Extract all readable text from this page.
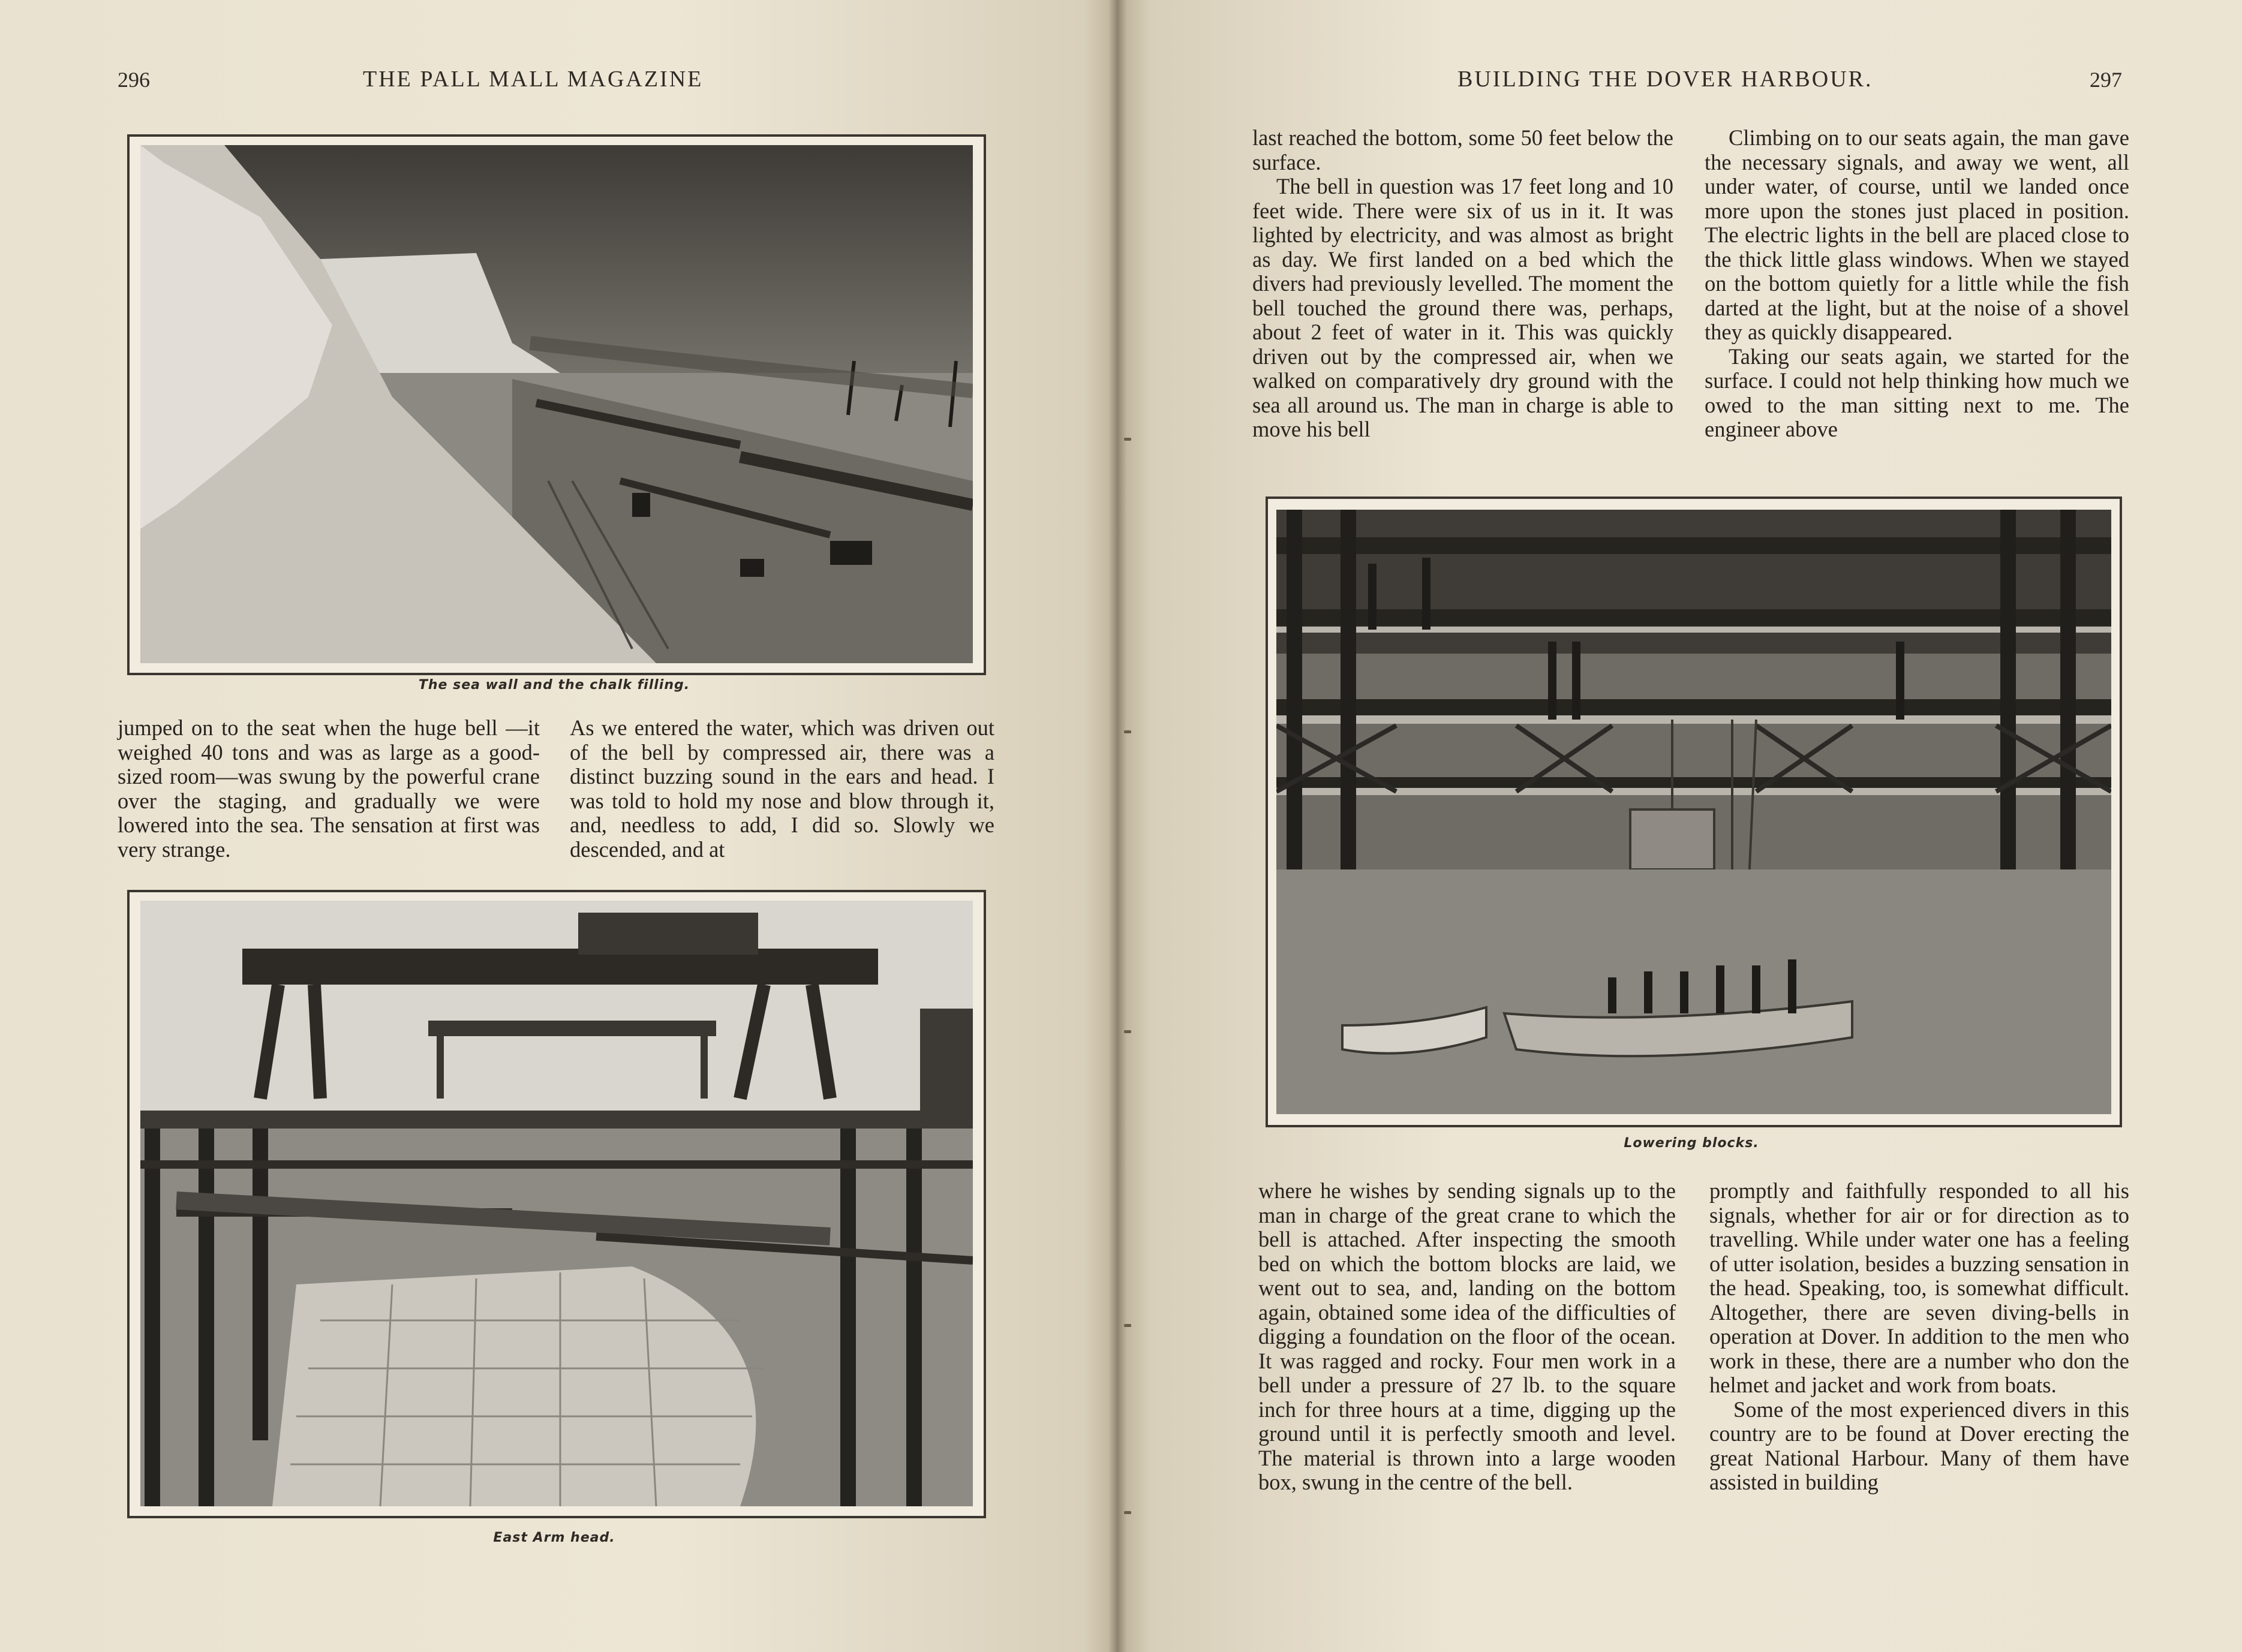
296	THE PALL MALL MAGAZINE
The sea wall and the chalk filling.

jumped on to the seat when the huge bell —it weighed 40 tons and was as large as a good-sized room—was swung by the powerful crane over the staging, and gradually we were lowered into the sea. The sensation at first was very strange.

As we entered the water, which was driven out of the bell by compressed air, there was a distinct buzzing sound in the ears and head. I was told to hold my nose and blow through it, and, needless to add, I did so. Slowly we descended, and at

East Arm head.
BUILDING THE DOVER HARBOUR.	297

last reached the bottom, some 50 feet below the surface.

The bell in question was 17 feet long and 10 feet wide. There were six of us in it. It was lighted by electricity, and was almost as bright as day. We first landed on a bed which the divers had previously levelled. The moment the bell touched the ground there was, perhaps, about 2 feet of water in it. This was quickly driven out by the compressed air, when we walked on comparatively dry ground with the sea all around us. The man in charge is able to move his bell

Climbing on to our seats again, the man gave the necessary signals, and away we went, all under water, of course, until we landed once more upon the stones just placed in position. The electric lights in the bell are placed close to the thick little glass windows. When we stayed on the bottom quietly for a little while the fish darted at the light, but at the noise of a shovel they as quickly disappeared.

Taking our seats again, we started for the surface. I could not help thinking how much we owed to the man sitting next to me. The engineer above

Lowering blocks.

where he wishes by sending signals up to the man in charge of the great crane to which the bell is attached. After inspecting the smooth bed on which the bottom blocks are laid, we went out to sea, and, landing on the bottom again, obtained some idea of the difficulties of digging a foundation on the floor of the ocean. It was ragged and rocky. Four men work in a bell under a pressure of 27 lb. to the square inch for three hours at a time, digging up the ground until it is perfectly smooth and level. The material is thrown into a large wooden box, swung in the centre of the bell.

promptly and faithfully responded to all his signals, whether for air or for direction as to travelling. While under water one has a feeling of utter isolation, besides a buzzing sensation in the head. Speaking, too, is somewhat difficult. Altogether, there are seven diving-bells in operation at Dover. In addition to the men who work in these, there are a number who don the helmet and jacket and work from boats.

Some of the most experienced divers in this country are to be found at Dover erecting the great National Harbour. Many of them have assisted in building
